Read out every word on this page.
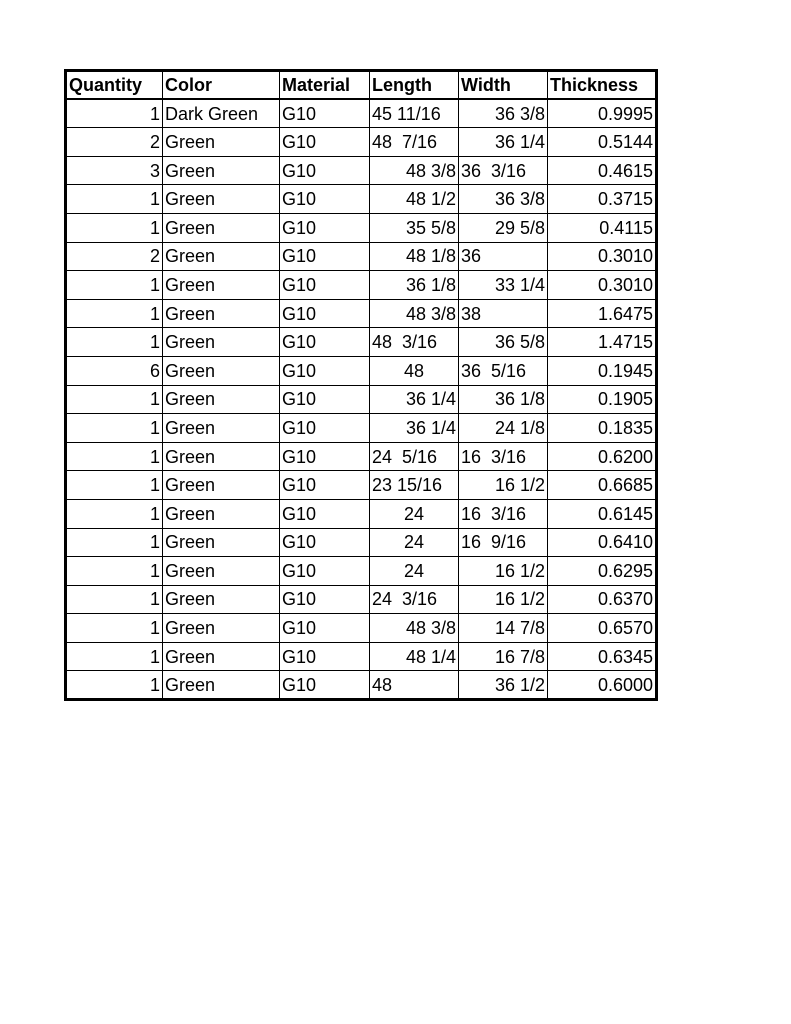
Quantity	Color	Material	Length	Width	Thickness
1	Dark Green	G10	45 11/16	36 3/8	0.9995
2	Green	G10	48  7/16	36 1/4	0.5144
3	Green	G10	48 3/8	36  3/16	0.4615
1	Green	G10	48 1/2	36 3/8	0.3715
1	Green	G10	35 5/8	29 5/8	0.4115
2	Green	G10	48 1/8	36	0.3010
1	Green	G10	36 1/8	33 1/4	0.3010
1	Green	G10	48 3/8	38	1.6475
1	Green	G10	48  3/16	36 5/8	1.4715
6	Green	G10	48	36  5/16	0.1945
1	Green	G10	36 1/4	36 1/8	0.1905
1	Green	G10	36 1/4	24 1/8	0.1835
1	Green	G10	24  5/16	16  3/16	0.6200
1	Green	G10	23 15/16	16 1/2	0.6685
1	Green	G10	24	16  3/16	0.6145
1	Green	G10	24	16  9/16	0.6410
1	Green	G10	24	16 1/2	0.6295
1	Green	G10	24  3/16	16 1/2	0.6370
1	Green	G10	48 3/8	14 7/8	0.6570
1	Green	G10	48 1/4	16 7/8	0.6345
1	Green	G10	48	36 1/2	0.6000
